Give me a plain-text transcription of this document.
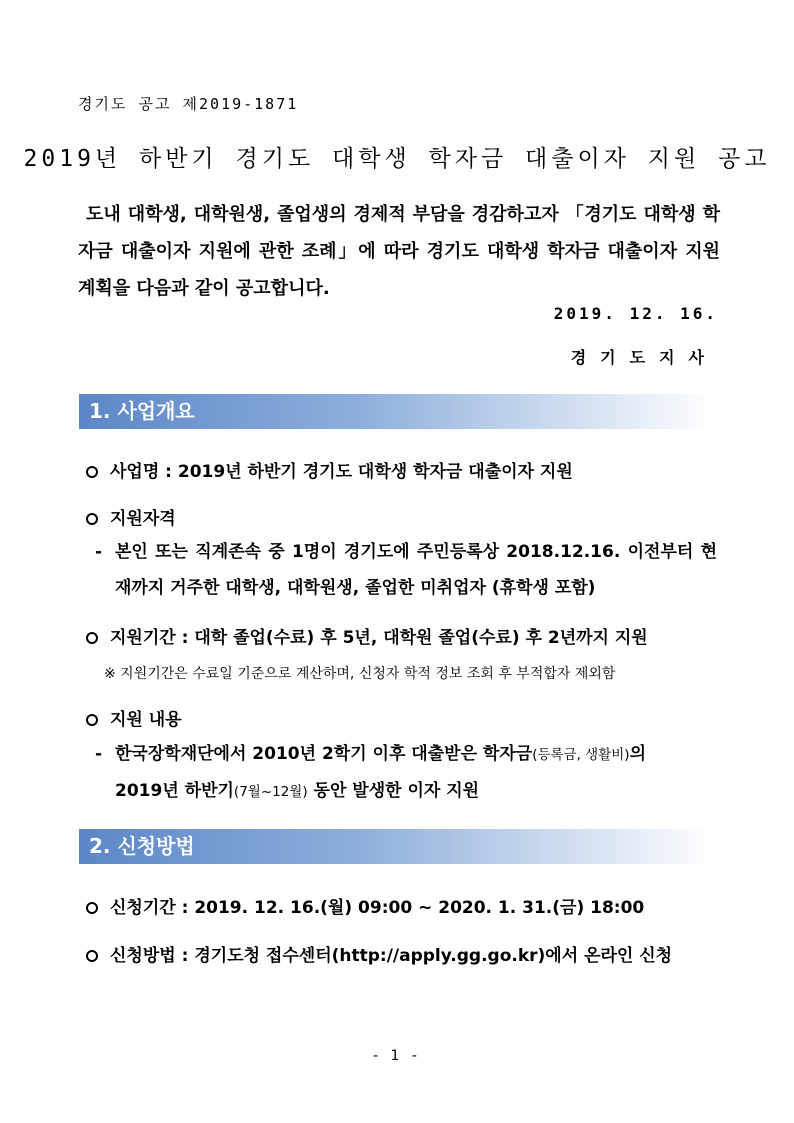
경기도 공고 제2019-1871
2019년 하반기 경기도 대학생 학자금 대출이자 지원 공고
도내 대학생, 대학원생, 졸업생의 경제적 부담을 경감하고자 「경기도 대학생 학자금 대출이자 지원에 관한 조례」에 따라 경기도 대학생 학자금 대출이자 지원 계획을 다음과 같이 공고합니다.
2019. 12. 16.
경기도지사
1. 사업개요
사업명 : 2019년 하반기 경기도 대학생 학자금 대출이자 지원
지원자격
- 본인 또는 직계존속 중 1명이 경기도에 주민등록상 2018.12.16. 이전부터 현재까지 거주한 대학생, 대학원생, 졸업한 미취업자 (휴학생 포함)
지원기간 : 대학 졸업(수료) 후 5년, 대학원 졸업(수료) 후 2년까지 지원
※ 지원기간은 수료일 기준으로 계산하며, 신청자 학적 정보 조회 후 부적합자 제외함
지원 내용
- 한국장학재단에서 2010년 2학기 이후 대출받은 학자금(등록금, 생활비)의
2019년 하반기(7월~12월) 동안 발생한 이자 지원
2. 신청방법
신청기간 : 2019. 12. 16.(월) 09:00 ~ 2020. 1. 31.(금) 18:00
신청방법 : 경기도청 접수센터(http://apply.gg.go.kr)에서 온라인 신청
- 1 -
